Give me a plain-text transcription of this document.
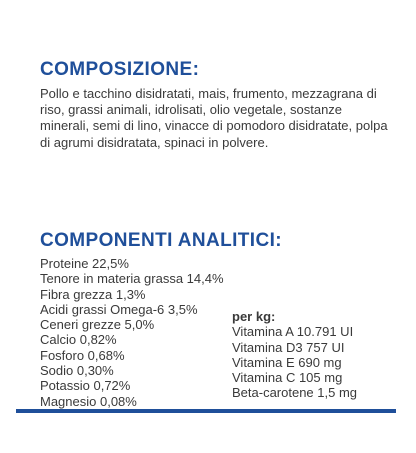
COMPOSIZIONE:

Pollo e tacchino disidratati, mais, frumento, mezzagrana di riso, grassi animali, idrolisati, olio vegetale, sostanze minerali, semi di lino, vinacce di pomodoro disidratate, polpa di agrumi disidratata, spinaci in polvere.

COMPONENTI ANALITICI:
Proteine 22,5%
Tenore in materia grassa 14,4%
Fibra grezza 1,3%
Acidi grassi Omega-6 3,5%
Ceneri grezze 5,0%
Calcio 0,82%
Fosforo 0,68%
Sodio 0,30%
Potassio 0,72%
Magnesio 0,08%
per kg:
Vitamina A 10.791 UI
Vitamina D3 757 UI
Vitamina E 690 mg
Vitamina C 105 mg
Beta-carotene 1,5 mg
